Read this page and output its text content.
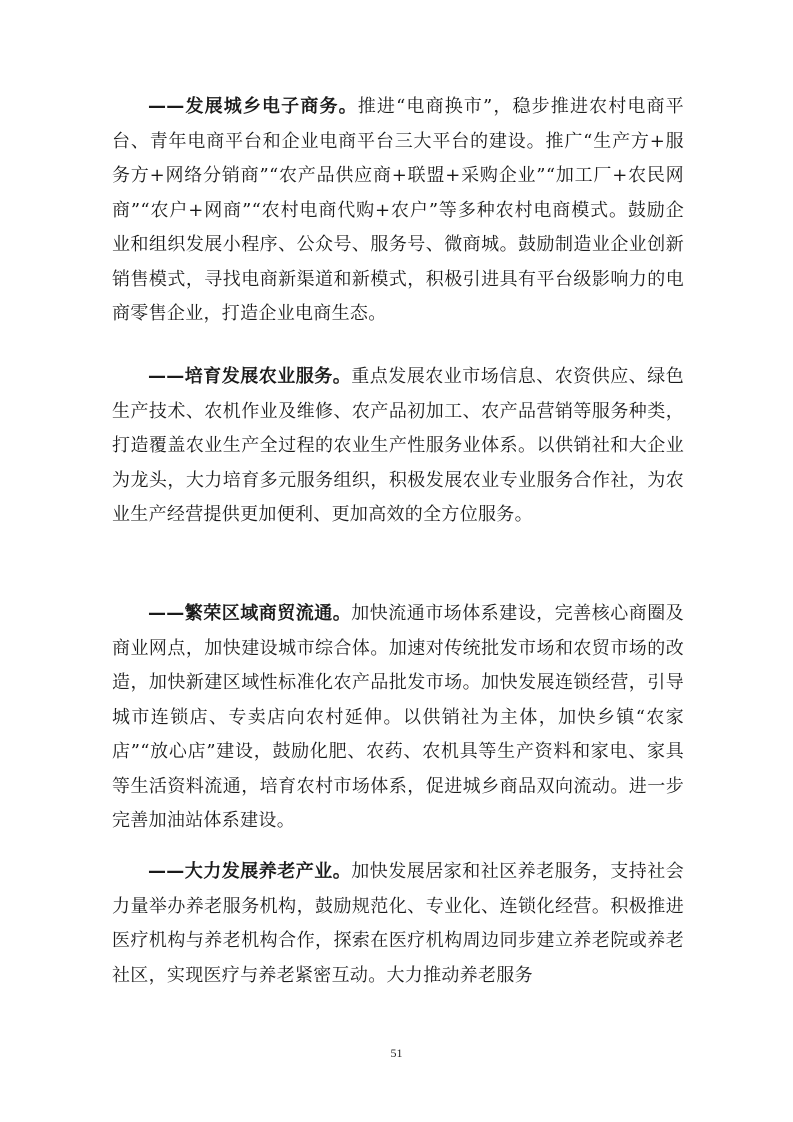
——发展城乡电子商务。推进“电商换市”，稳步推进农村电商平台、青年电商平台和企业电商平台三大平台的建设。推广“生产方+服务方+网络分销商”“农产品供应商+联盟+采购企业”“加工厂+农民网商”“农户+网商”“农村电商代购+农户”等多种农村电商模式。鼓励企业和组织发展小程序、公众号、服务号、微商城。鼓励制造业企业创新销售模式，寻找电商新渠道和新模式，积极引进具有平台级影响力的电商零售企业，打造企业电商生态。

——培育发展农业服务。重点发展农业市场信息、农资供应、绿色生产技术、农机作业及维修、农产品初加工、农产品营销等服务种类，打造覆盖农业生产全过程的农业生产性服务业体系。以供销社和大企业为龙头，大力培育多元服务组织，积极发展农业专业服务合作社，为农业生产经营提供更加便利、更加高效的全方位服务。

——繁荣区域商贸流通。加快流通市场体系建设，完善核心商圈及商业网点，加快建设城市综合体。加速对传统批发市场和农贸市场的改造，加快新建区域性标准化农产品批发市场。加快发展连锁经营，引导城市连锁店、专卖店向农村延伸。以供销社为主体，加快乡镇“农家店”“放心店”建设，鼓励化肥、农药、农机具等生产资料和家电、家具等生活资料流通，培育农村市场体系，促进城乡商品双向流动。进一步完善加油站体系建设。

——大力发展养老产业。加快发展居家和社区养老服务，支持社会力量举办养老服务机构，鼓励规范化、专业化、连锁化经营。积极推进医疗机构与养老机构合作，探索在医疗机构周边同步建立养老院或养老社区，实现医疗与养老紧密互动。大力推动养老服务

51
